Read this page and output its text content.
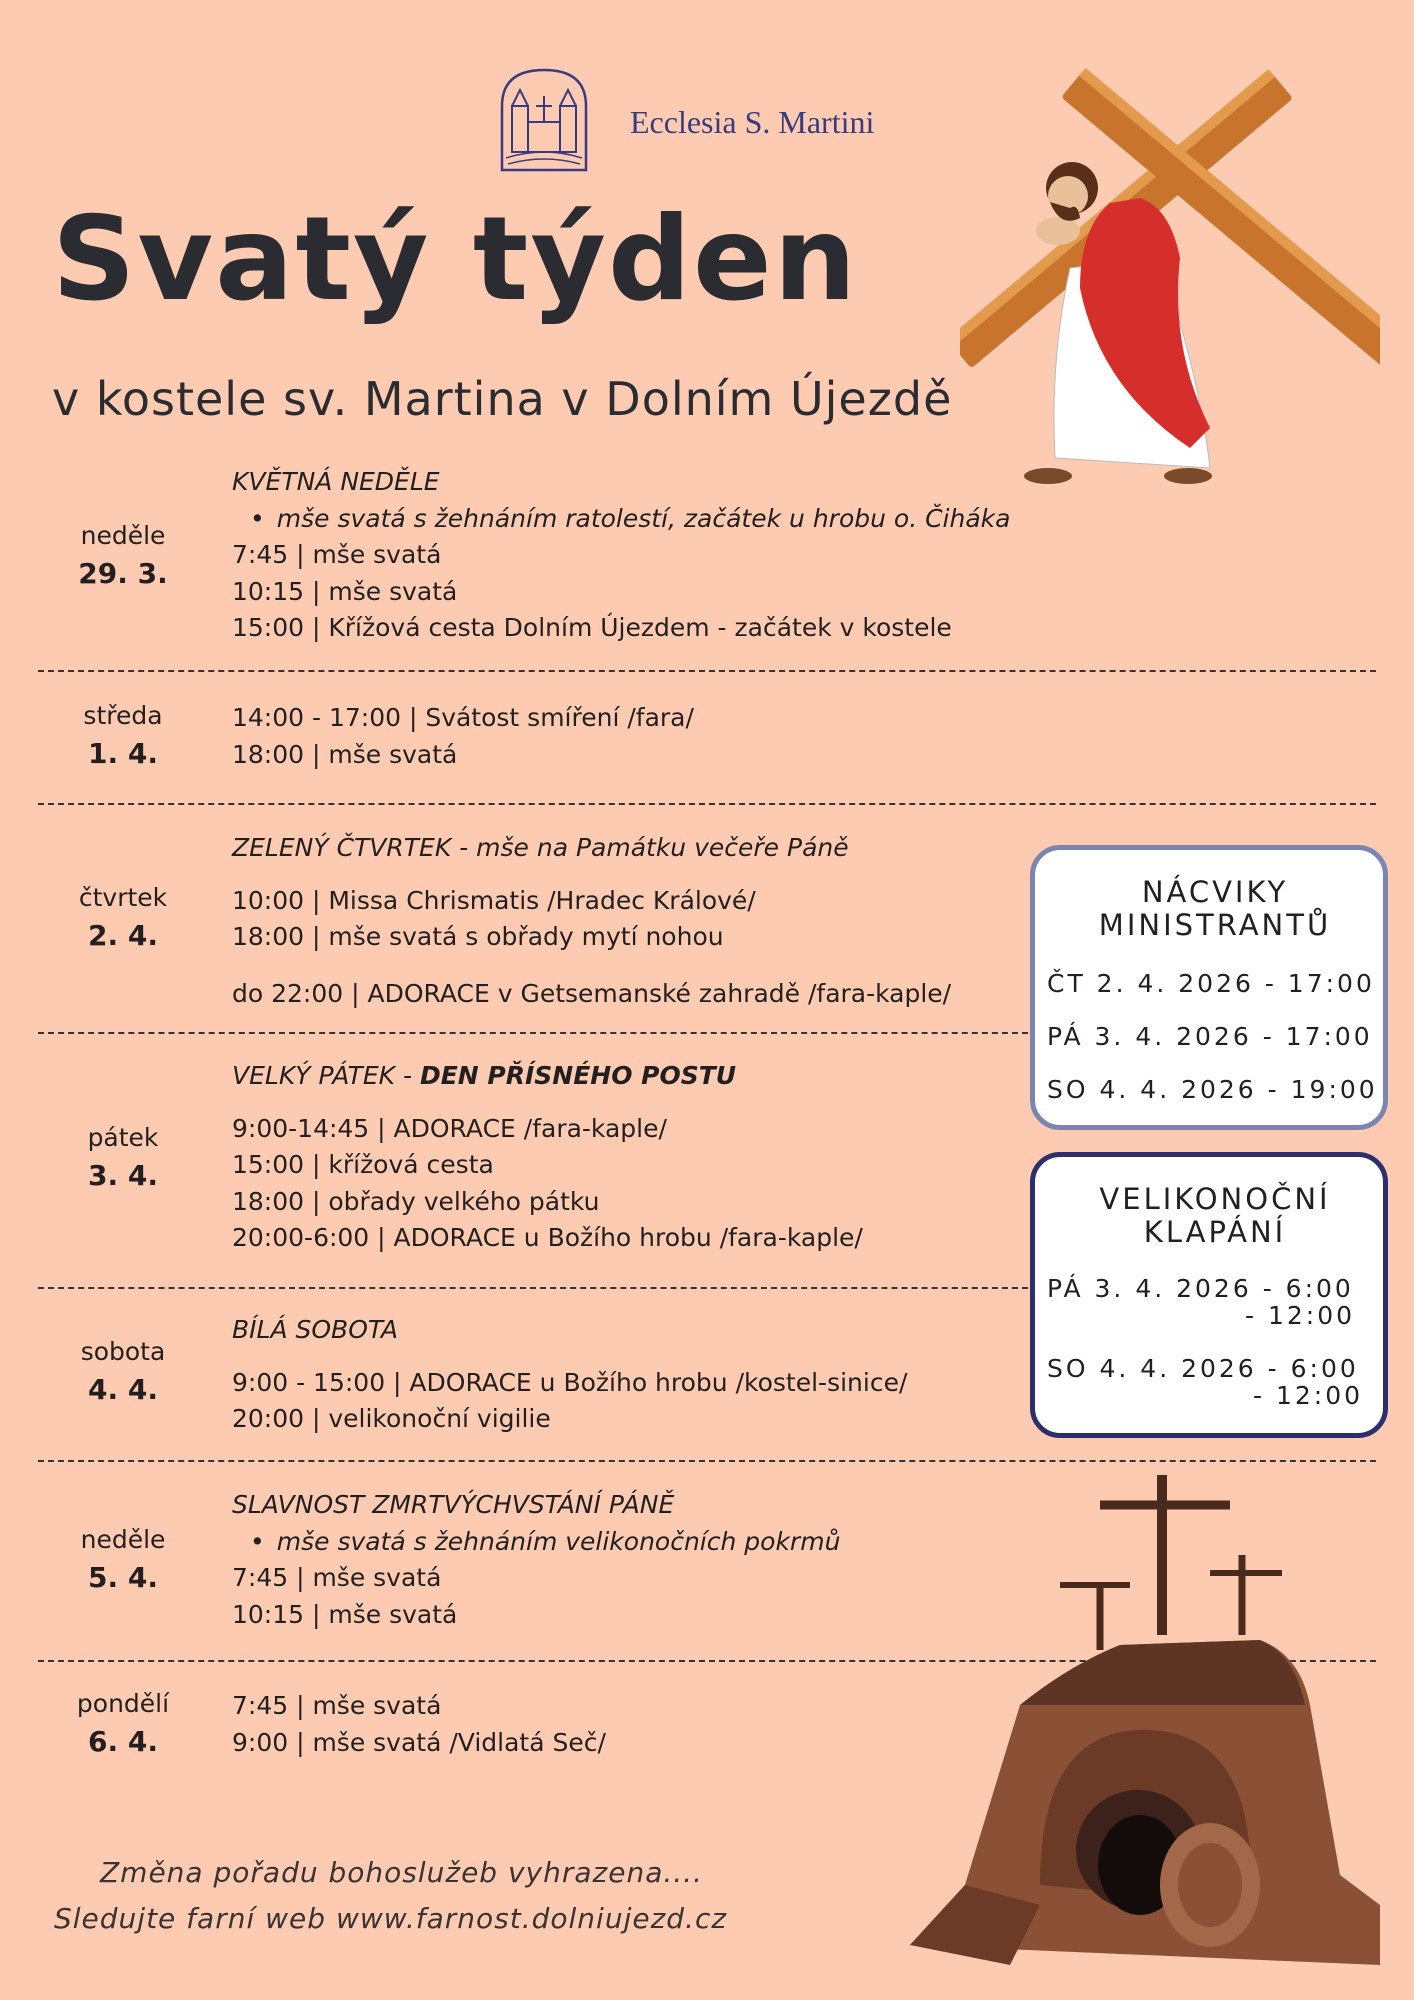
Ecclesia S. Martini
Svatý týden
v kostele sv. Martina v Dolním Újezdě
neděle
29. 3.
KVĚTNÁ NEDĚLE
• mše svatá s žehnáním ratolestí, začátek u hrobu o. Čiháka
7:45 | mše svatá
10:15 | mše svatá
15:00 | Křížová cesta Dolním Újezdem - začátek v kostele
středa
1. 4.
14:00 - 17:00 | Svátost smíření /fara/
18:00 | mše svatá
čtvrtek
2. 4.
ZELENÝ ČTVRTEK - mše na Památku večeře Páně
10:00 | Missa Chrismatis /Hradec Králové/
18:00 | mše svatá s obřady mytí nohou
do 22:00 | ADORACE v Getsemanské zahradě /fara-kaple/
pátek
3. 4.
VELKÝ PÁTEK - DEN PŘÍSNÉHO POSTU
9:00-14:45 | ADORACE /fara-kaple/
15:00 | křížová cesta
18:00 | obřady velkého pátku
20:00-6:00 | ADORACE u Božího hrobu /fara-kaple/
sobota
4. 4.
BÍLÁ SOBOTA
9:00 - 15:00 | ADORACE u Božího hrobu /kostel-sinice/
20:00 | velikonoční vigilie
neděle
5. 4.
SLAVNOST ZMRTVÝCHVSTÁNÍ PÁNĚ
• mše svatá s žehnáním velikonočních pokrmů
7:45 | mše svatá
10:15 | mše svatá
pondělí
6. 4.
7:45 | mše svatá
9:00 | mše svatá /Vidlatá Seč/
NÁCVIKY
MINISTRANTŮ
ČT 2. 4. 2026 - 17:00
PÁ 3. 4. 2026 - 17:00
SO 4. 4. 2026 - 19:00
VELIKONOČNÍ
KLAPÁNÍ
PÁ 3. 4. 2026 - 6:00
- 12:00
SO 4. 4. 2026 - 6:00
- 12:00
Změna pořadu bohoslužeb vyhrazena....
Sledujte farní web www.farnost.dolniujezd.cz
